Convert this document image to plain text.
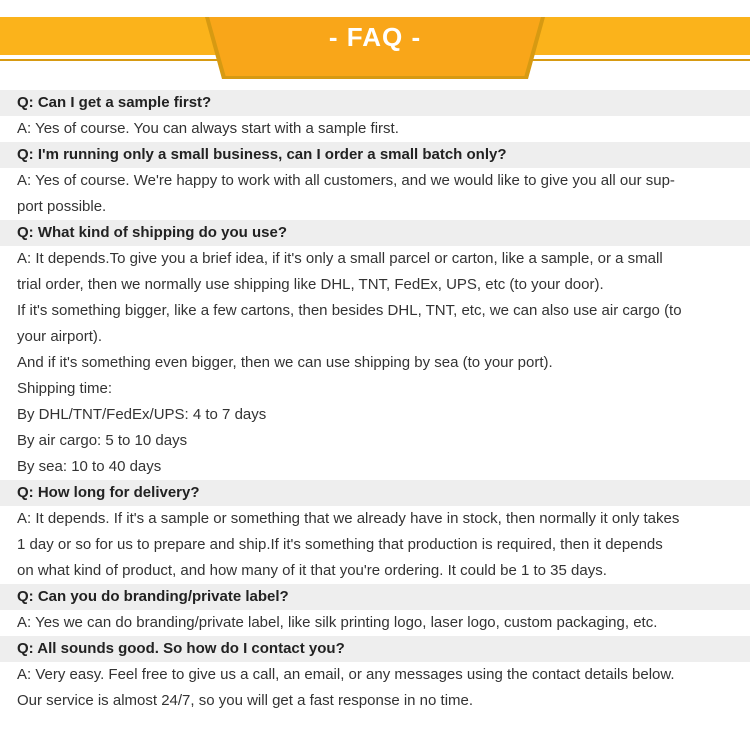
- FAQ -
Q: Can I get a sample first?
A: Yes of course. You can always start with a sample first.
Q: I'm running only a small business, can I order a small batch only?
A: Yes of course. We're happy to work with all customers, and we would like to give you all our sup-
port possible.
Q: What kind of shipping do you use?
A: It depends.To give you a brief idea, if it's only a small parcel or carton, like a sample, or a small
trial order, then we normally use shipping like DHL, TNT, FedEx, UPS, etc (to your door).
If it's something bigger, like a few cartons, then besides DHL, TNT, etc, we can also use air cargo (to
your airport).
And if it's something even bigger, then we can use shipping by sea (to your port).
Shipping time:
By DHL/TNT/FedEx/UPS: 4 to 7 days
By air cargo: 5 to 10 days
By sea: 10 to 40 days
Q: How long for delivery?
A: It depends. If it's a sample or something that we already have in stock, then normally it only takes
1 day or so for us to prepare and ship.If it's something that production is required, then it depends
on what kind of product, and how many of it that you're ordering. It could be 1 to 35 days.
Q: Can you do branding/private label?
A: Yes we can do branding/private label, like silk printing logo, laser logo, custom packaging, etc.
Q: All sounds good. So how do I contact you?
A: Very easy. Feel free to give us a call, an email, or any messages using the contact details below.
Our service is almost 24/7, so you will get a fast response in no time.
